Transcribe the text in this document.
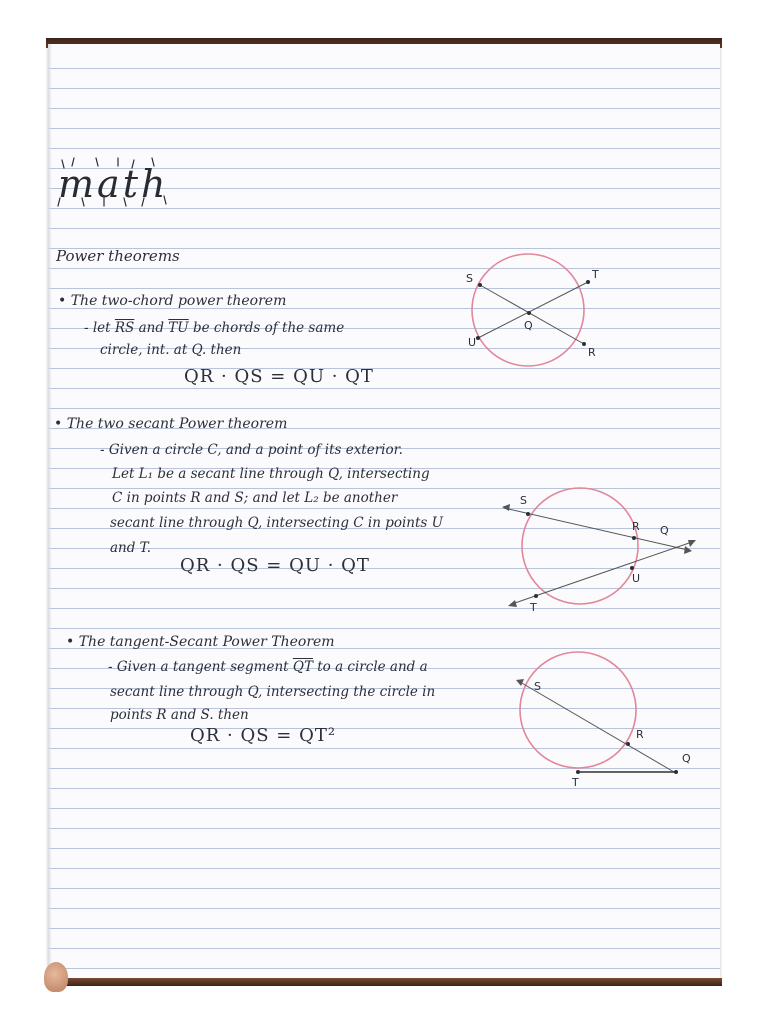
math
Power theorems
• The two-chord power theorem
- let $\overline{RS}$ and $\overline{TU}$ be chords of the same
circle, int. at Q. then
QR · QS = QU · QT
S	T
Q
U
R
• The two secant Power theorem
- Given a circle C, and a point of its exterior.
Let L₁ be a secant line through Q, intersecting
C in points R and S; and let L₂ be another
secant line through Q, intersecting C in points U
and T.
QR · QS = QU · QT
S
R Q
U
T
• The tangent-Secant Power Theorem
- Given a tangent segment $\overline{QT}$ to a circle and a
secant line through Q, intersecting the circle in
points R and S. then
QR · QS = QT²
S
R
Q
T
